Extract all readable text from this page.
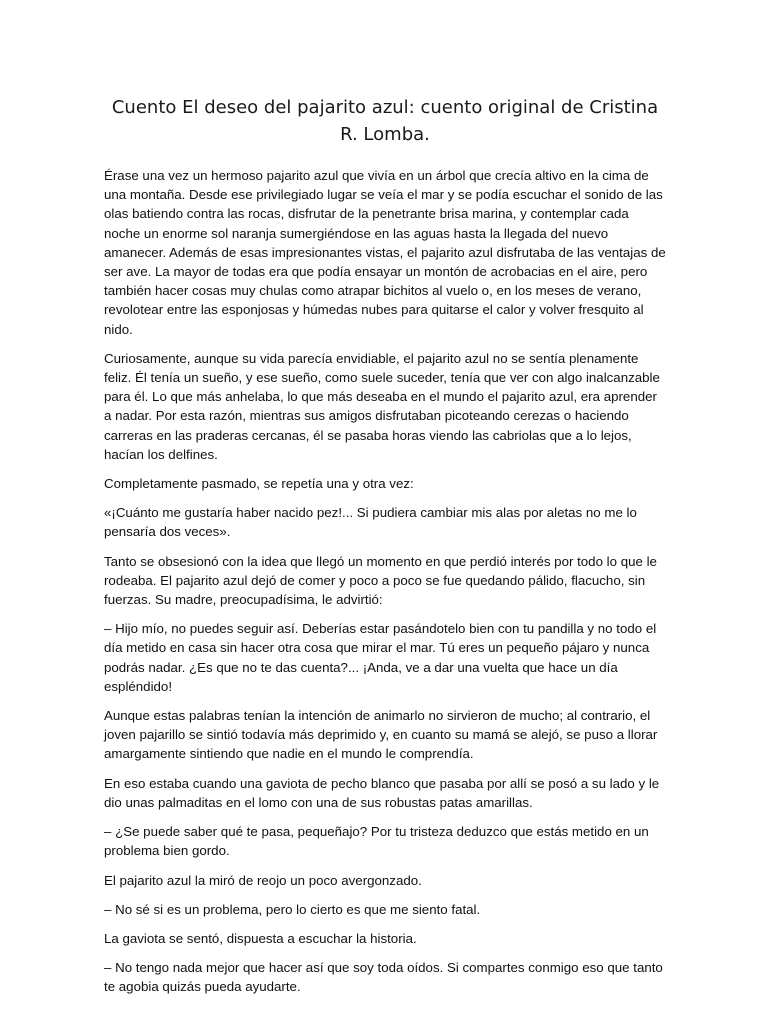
Cuento El deseo del pajarito azul: cuento original de Cristina R. Lomba.

Érase una vez un hermoso pajarito azul que vivía en un árbol que crecía altivo en la cima de una montaña. Desde ese privilegiado lugar se veía el mar y se podía escuchar el sonido de las olas batiendo contra las rocas, disfrutar de la penetrante brisa marina, y contemplar cada noche un enorme sol naranja sumergiéndose en las aguas hasta la llegada del nuevo amanecer. Además de esas impresionantes vistas, el pajarito azul disfrutaba de las ventajas de ser ave. La mayor de todas era que podía ensayar un montón de acrobacias en el aire, pero también hacer cosas muy chulas como atrapar bichitos al vuelo o, en los meses de verano, revolotear entre las esponjosas y húmedas nubes para quitarse el calor y volver fresquito al nido.

Curiosamente, aunque su vida parecía envidiable, el pajarito azul no se sentía plenamente feliz. Él tenía un sueño, y ese sueño, como suele suceder, tenía que ver con algo inalcanzable para él. Lo que más anhelaba, lo que más deseaba en el mundo el pajarito azul, era aprender a nadar. Por esta razón, mientras sus amigos disfrutaban picoteando cerezas o haciendo carreras en las praderas cercanas, él se pasaba horas viendo las cabriolas que a lo lejos, hacían los delfines.

Completamente pasmado, se repetía una y otra vez:

«¡Cuánto me gustaría haber nacido pez!... Si pudiera cambiar mis alas por aletas no me lo pensaría dos veces».

Tanto se obsesionó con la idea que llegó un momento en que perdió interés por todo lo que le rodeaba. El pajarito azul dejó de comer y poco a poco se fue quedando pálido, flacucho, sin fuerzas. Su madre, preocupadísima, le advirtió:

– Hijo mío, no puedes seguir así. Deberías estar pasándotelo bien con tu pandilla y no todo el día metido en casa sin hacer otra cosa que mirar el mar. Tú eres un pequeño pájaro y nunca podrás nadar. ¿Es que no te das cuenta?... ¡Anda, ve a dar una vuelta que hace un día espléndido!

Aunque estas palabras tenían la intención de animarlo no sirvieron de mucho; al contrario, el joven pajarillo se sintió todavía más deprimido y, en cuanto su mamá se alejó, se puso a llorar amargamente sintiendo que nadie en el mundo le comprendía.

En eso estaba cuando una gaviota de pecho blanco que pasaba por allí se posó a su lado y le dio unas palmaditas en el lomo con una de sus robustas patas amarillas.

– ¿Se puede saber qué te pasa, pequeñajo? Por tu tristeza deduzco que estás metido en un problema bien gordo.

El pajarito azul la miró de reojo un poco avergonzado.

– No sé si es un problema, pero lo cierto es que me siento fatal.

La gaviota se sentó, dispuesta a escuchar la historia.

– No tengo nada mejor que hacer así que soy toda oídos. Si compartes conmigo eso que tanto te agobia quizás pueda ayudarte.
